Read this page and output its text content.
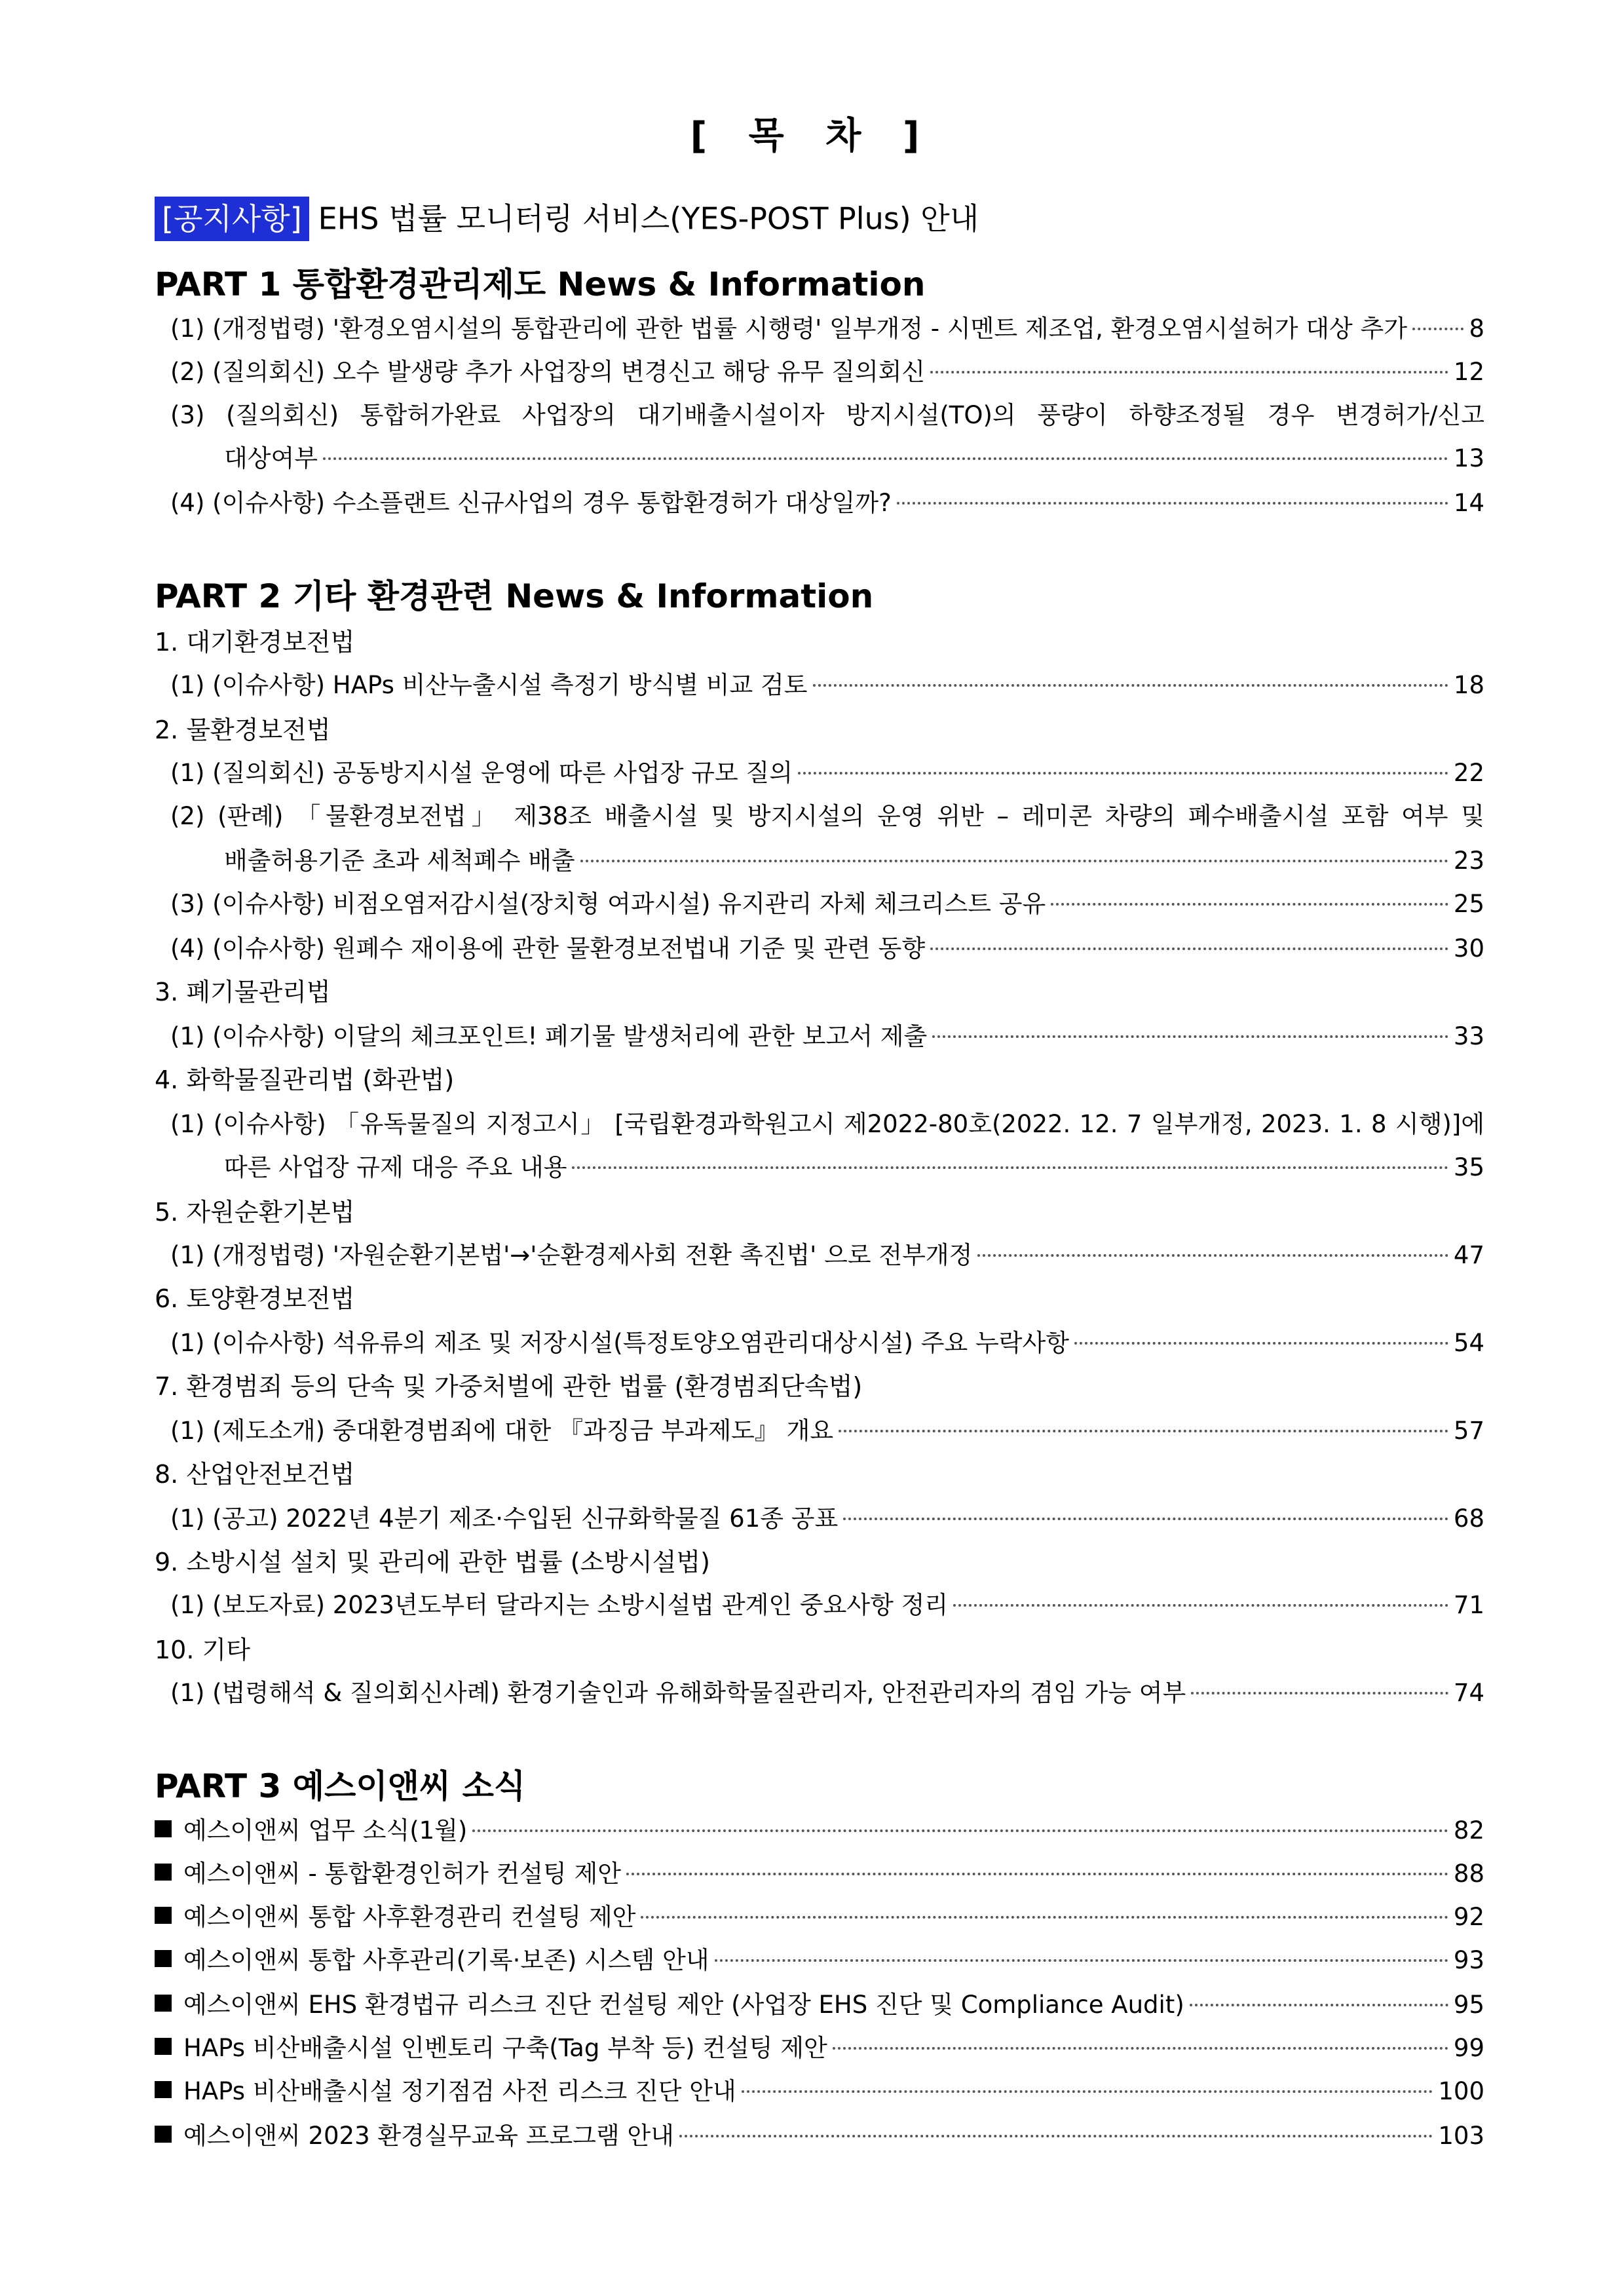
[ 목 차 ]
[공지사항] EHS 법률 모니터링 서비스(YES-POST Plus) 안내
PART 1 통합환경관리제도 News & Information
(1) (개정법령) '환경오염시설의 통합관리에 관한 법률 시행령' 일부개정 - 시멘트 제조업, 환경오염시설허가 대상 추가	8
(2) (질의회신) 오수 발생량 추가 사업장의 변경신고 해당 유무 질의회신	12
(3) (질의회신) 통합허가완료 사업장의 대기배출시설이자 방지시설(TO)의 풍량이 하향조정될 경우 변경허가/신고
대상여부	13
(4) (이슈사항) 수소플랜트 신규사업의 경우 통합환경허가 대상일까?	14
PART 2 기타 환경관련 News & Information
1. 대기환경보전법
(1) (이슈사항) HAPs 비산누출시설 측정기 방식별 비교 검토	18
2. 물환경보전법
(1) (질의회신) 공동방지시설 운영에 따른 사업장 규모 질의	22
(2) (판례) 「물환경보전법」 제38조 배출시설 및 방지시설의 운영 위반 – 레미콘 차량의 폐수배출시설 포함 여부 및
배출허용기준 초과 세척폐수 배출	23
(3) (이슈사항) 비점오염저감시설(장치형 여과시설) 유지관리 자체 체크리스트 공유	25
(4) (이슈사항) 원폐수 재이용에 관한 물환경보전법내 기준 및 관련 동향	30
3. 폐기물관리법
(1) (이슈사항) 이달의 체크포인트! 폐기물 발생처리에 관한 보고서 제출	33
4. 화학물질관리법 (화관법)
(1) (이슈사항) 「유독물질의 지정고시」 [국립환경과학원고시 제2022-80호(2022. 12. 7 일부개정, 2023. 1. 8 시행)]에
따른 사업장 규제 대응 주요 내용	35
5. 자원순환기본법
(1) (개정법령) '자원순환기본법'→'순환경제사회 전환 촉진법' 으로 전부개정	47
6. 토양환경보전법
(1) (이슈사항) 석유류의 제조 및 저장시설(특정토양오염관리대상시설) 주요 누락사항	54
7. 환경범죄 등의 단속 및 가중처벌에 관한 법률 (환경범죄단속법)
(1) (제도소개) 중대환경범죄에 대한 『과징금 부과제도』 개요	57
8. 산업안전보건법
(1) (공고) 2022년 4분기 제조·수입된 신규화학물질 61종 공표	68
9. 소방시설 설치 및 관리에 관한 법률 (소방시설법)
(1) (보도자료) 2023년도부터 달라지는 소방시설법 관계인 중요사항 정리	71
10. 기타
(1) (법령해석 & 질의회신사례) 환경기술인과 유해화학물질관리자, 안전관리자의 겸임 가능 여부	74
PART 3 예스이앤씨 소식
예스이앤씨 업무 소식(1월)	82
예스이앤씨 - 통합환경인허가 컨설팅 제안	88
예스이앤씨 통합 사후환경관리 컨설팅 제안	92
예스이앤씨 통합 사후관리(기록·보존) 시스템 안내	93
예스이앤씨 EHS 환경법규 리스크 진단 컨설팅 제안 (사업장 EHS 진단 및 Compliance Audit)	95
HAPs 비산배출시설 인벤토리 구축(Tag 부착 등) 컨설팅 제안	99
HAPs 비산배출시설 정기점검 사전 리스크 진단 안내	100
예스이앤씨 2023 환경실무교육 프로그램 안내	103
